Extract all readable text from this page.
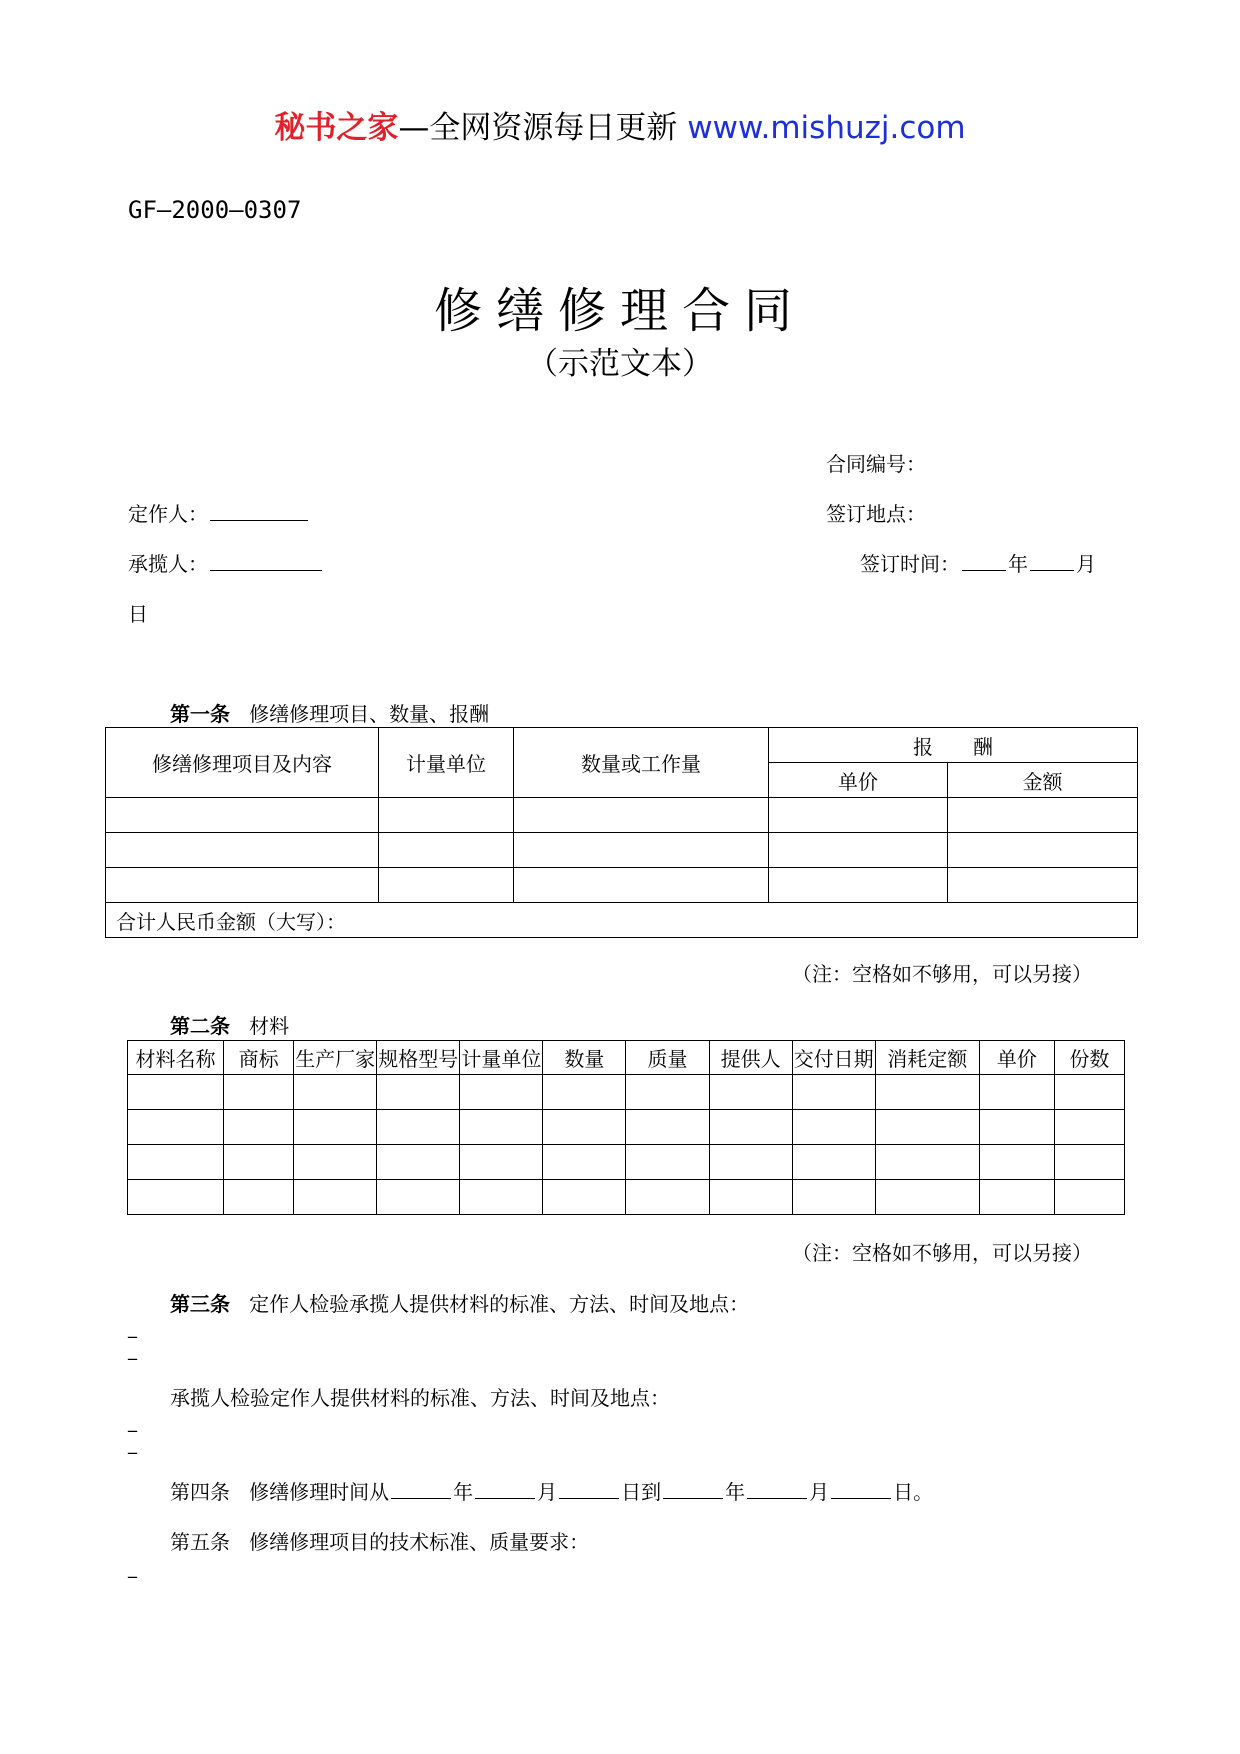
秘书之家—全网资源每日更新 www.mishuzj.com
GF—2000—0307
修缮修理合同
（示范文本）
合同编号：
定作人：	签订地点：
承揽人：	签订时间： 年 月
日
第一条 修缮修理项目、数量、报酬
修缮修理项目及内容	计量单位	数量或工作量	报　　酬	
			单价	金额

合计人民币金额（大写）：				
（注：空格如不够用，可以另接）
第二条 材料
材料名称	商标	生产厂家	规格型号	计量单位	数量	质量	提供人	交付日期	消耗定额	单价	份数

（注：空格如不够用，可以另接）
第三条 定作人检验承揽人提供材料的标准、方法、时间及地点：
_
_
承揽人检验定作人提供材料的标准、方法、时间及地点：
_
_
第四条 修缮修理时间从	年	月	日到	年	月	日。
第五条 修缮修理项目的技术标准、质量要求：
_
